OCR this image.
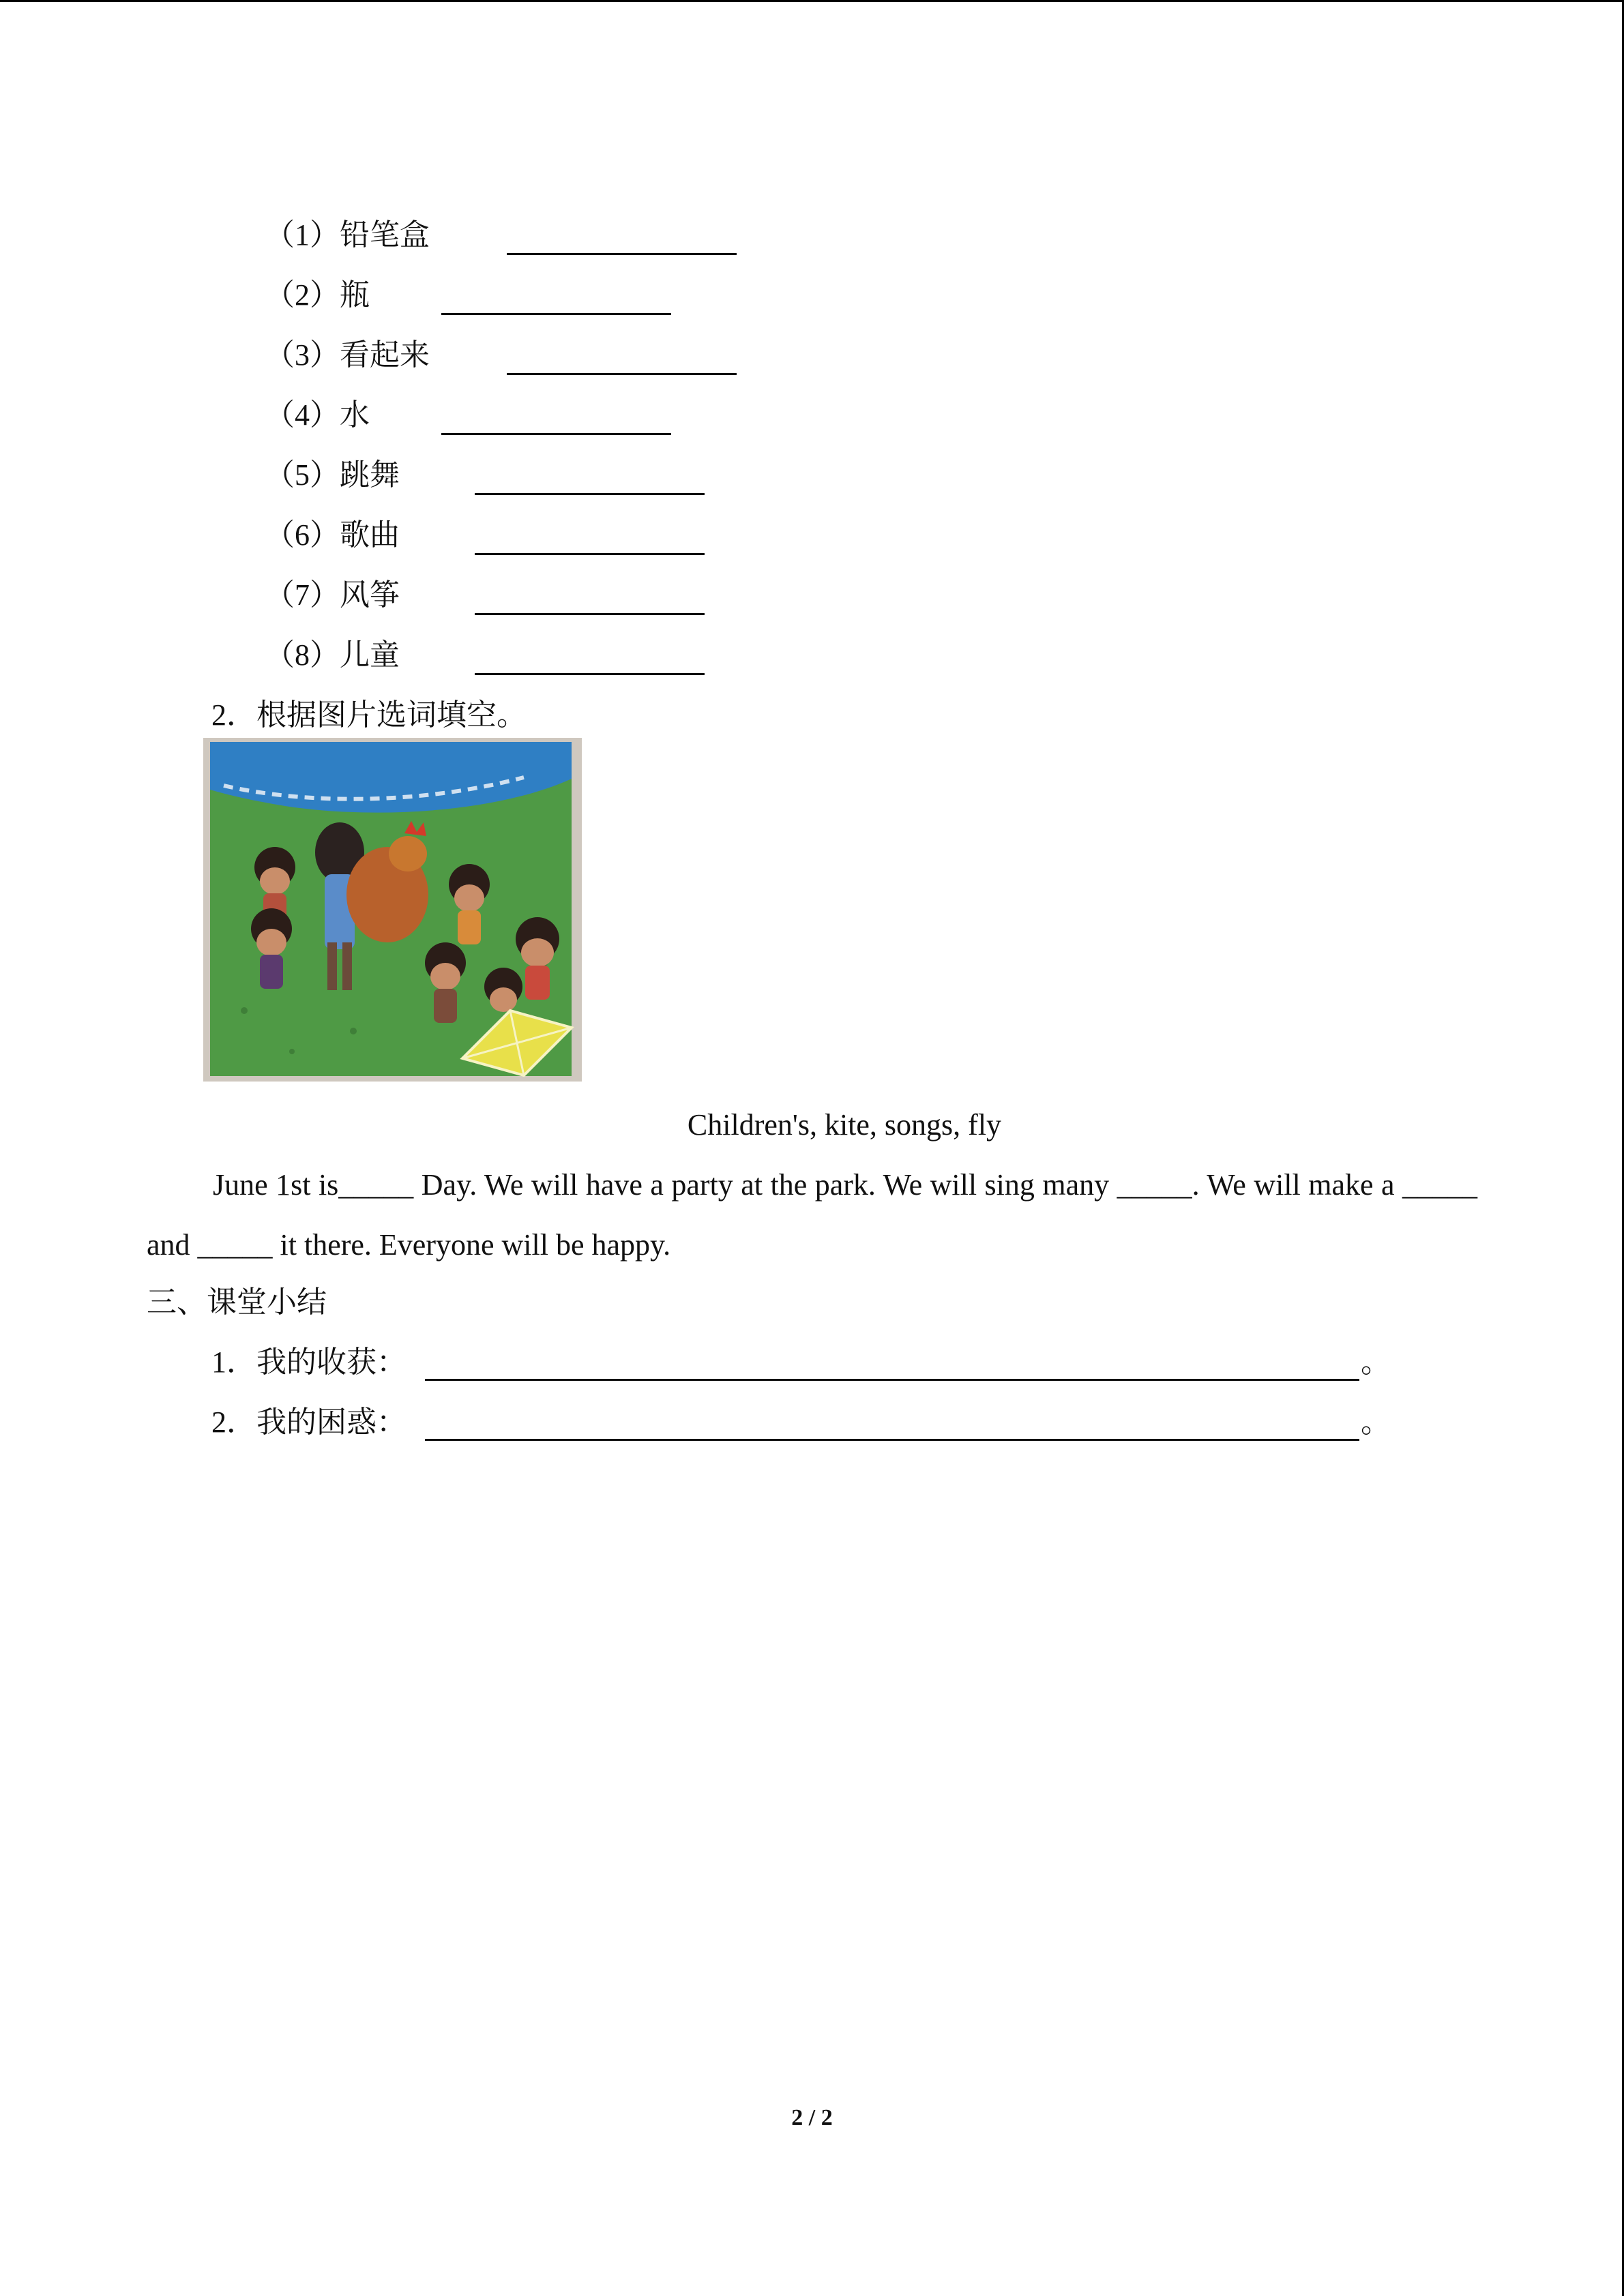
（1）铅笔盒
（2）瓶
（3）看起来
（4）水
（5）跳舞
（6）歌曲
（7）风筝
（8）儿童
2．根据图片选词填空。
Children's, kite, songs, fly
June 1st is_____ Day. We will have a party at the park. We will sing many _____. We will make a _____ and _____ it there. Everyone will be happy.
三、课堂小结
1．我的收获：	。
2．我的困惑：	。
2 / 2
